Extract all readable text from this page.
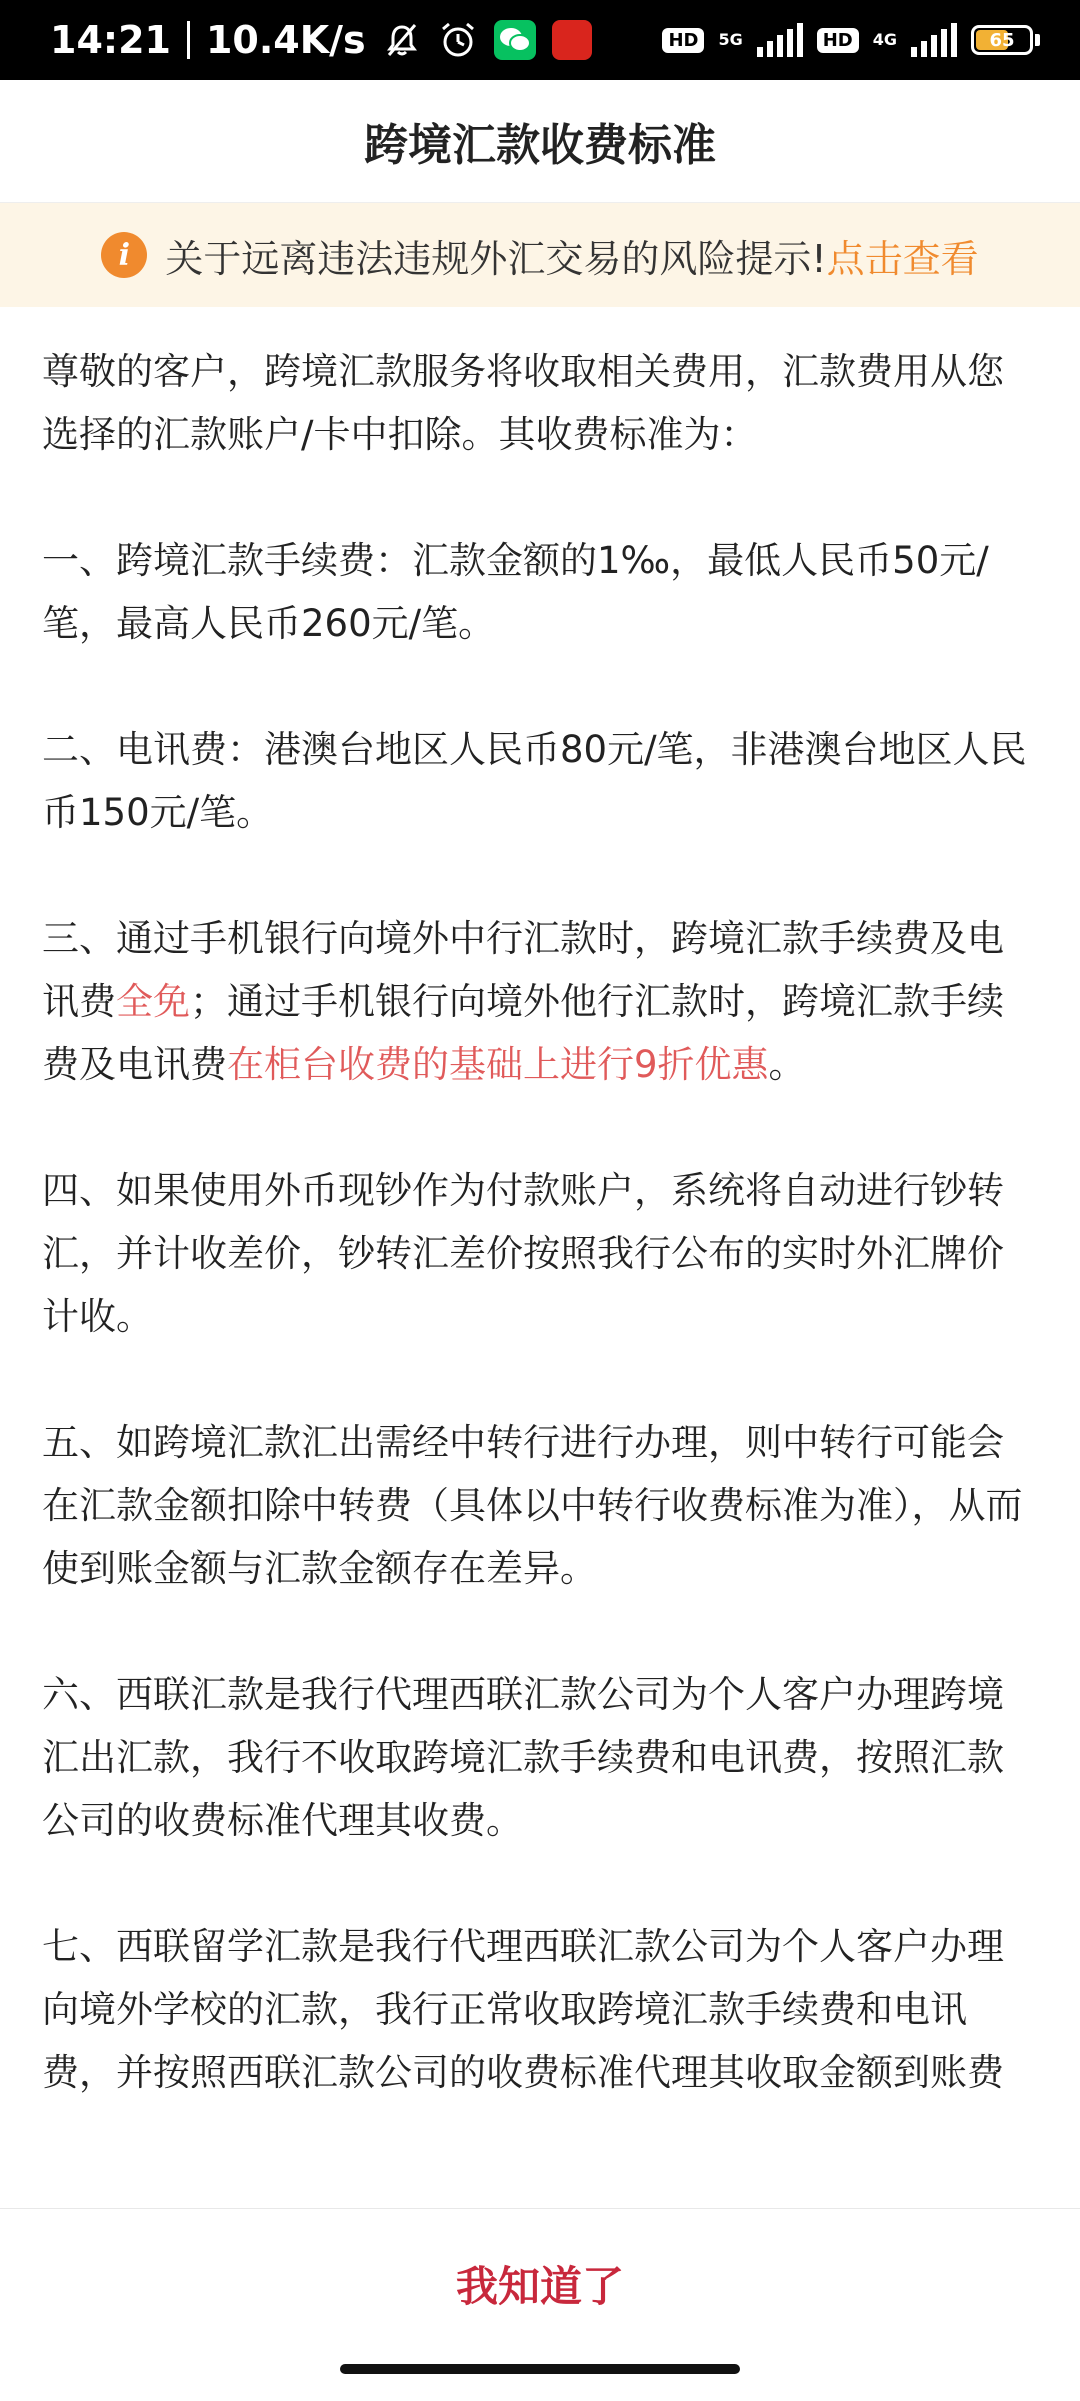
14:21 10.4K/s	HD	5G	HD	4G	65
跨境汇款收费标准
i 关于远离违法违规外汇交易的风险提示!点击查看

尊敬的客户，跨境汇款服务将收取相关费用，汇款费用从您选择的汇款账户/卡中扣除。其收费标准为：

一、跨境汇款手续费：汇款金额的1‰，最低人民币50元/笔，最高人民币260元/笔。

二、电讯费：港澳台地区人民币80元/笔，非港澳台地区人民币150元/笔。

三、通过手机银行向境外中行汇款时，跨境汇款手续费及电讯费全免；通过手机银行向境外他行汇款时，跨境汇款手续费及电讯费在柜台收费的基础上进行9折优惠。

四、如果使用外币现钞作为付款账户，系统将自动进行钞转汇，并计收差价，钞转汇差价按照我行公布的实时外汇牌价计收。

五、如跨境汇款汇出需经中转行进行办理，则中转行可能会在汇款金额扣除中转费（具体以中转行收费标准为准），从而使到账金额与汇款金额存在差异。

六、西联汇款是我行代理西联汇款公司为个人客户办理跨境汇出汇款，我行不收取跨境汇款手续费和电讯费，按照汇款公司的收费标准代理其收费。

七、西联留学汇款是我行代理西联汇款公司为个人客户办理向境外学校的汇款，我行正常收取跨境汇款手续费和电讯费，并按照西联汇款公司的收费标准代理其收取金额到账费

我知道了
